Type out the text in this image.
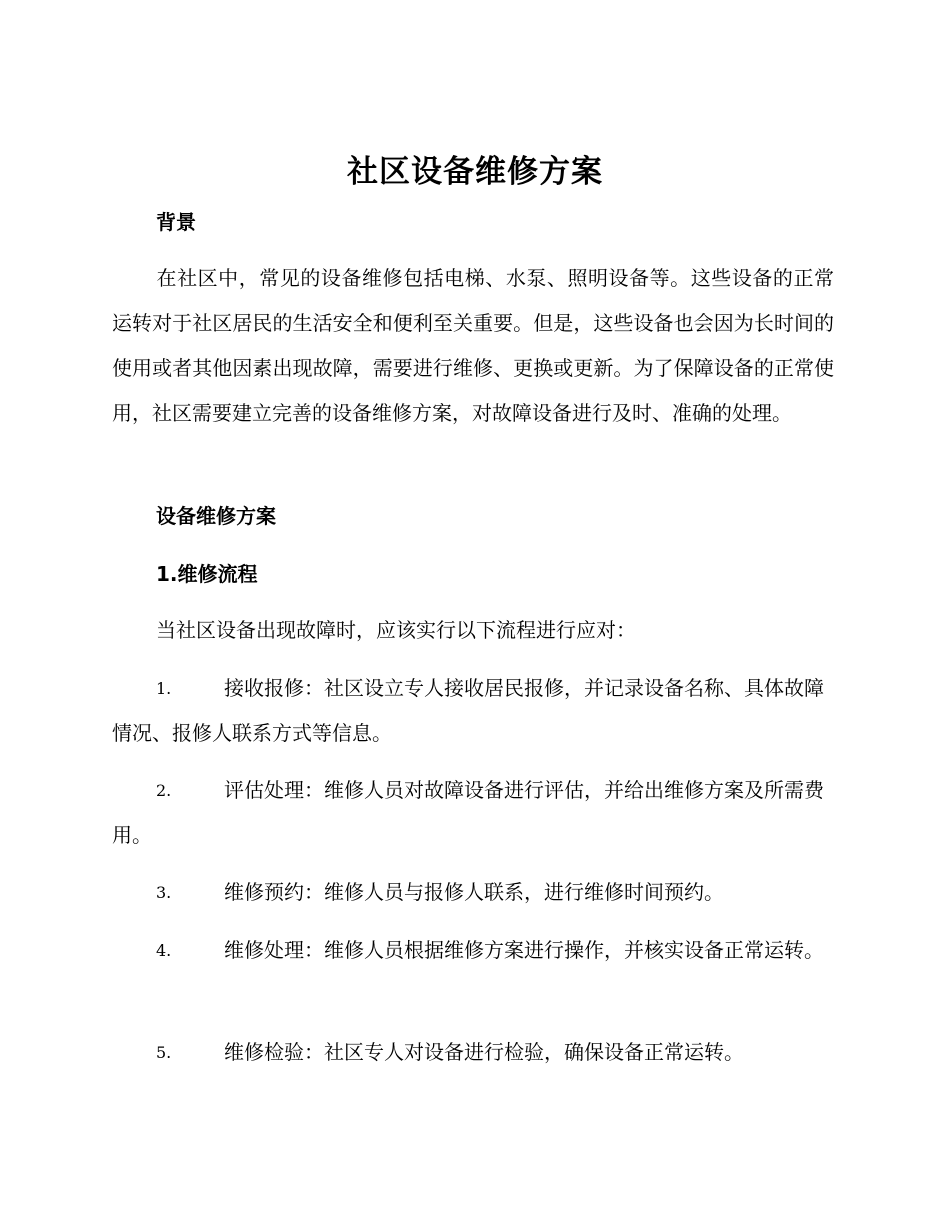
社区设备维修方案
背景

在社区中，常见的设备维修包括电梯、水泵、照明设备等。这些设备的正常运转对于社区居民的生活安全和便利至关重要。但是，这些设备也会因为长时间的使用或者其他因素出现故障，需要进行维修、更换或更新。为了保障设备的正常使用，社区需要建立完善的设备维修方案，对故障设备进行及时、准确的处理。

设备维修方案
1.维修流程

当社区设备出现故障时，应该实行以下流程进行应对：

1.	接收报修：社区设立专人接收居民报修，并记录设备名称、具体故障情况、报修人联系方式等信息。

2.	评估处理：维修人员对故障设备进行评估，并给出维修方案及所需费用。

3.	维修预约：维修人员与报修人联系，进行维修时间预约。

4.	维修处理：维修人员根据维修方案进行操作，并核实设备正常运转。

5.	维修检验：社区专人对设备进行检验，确保设备正常运转。
